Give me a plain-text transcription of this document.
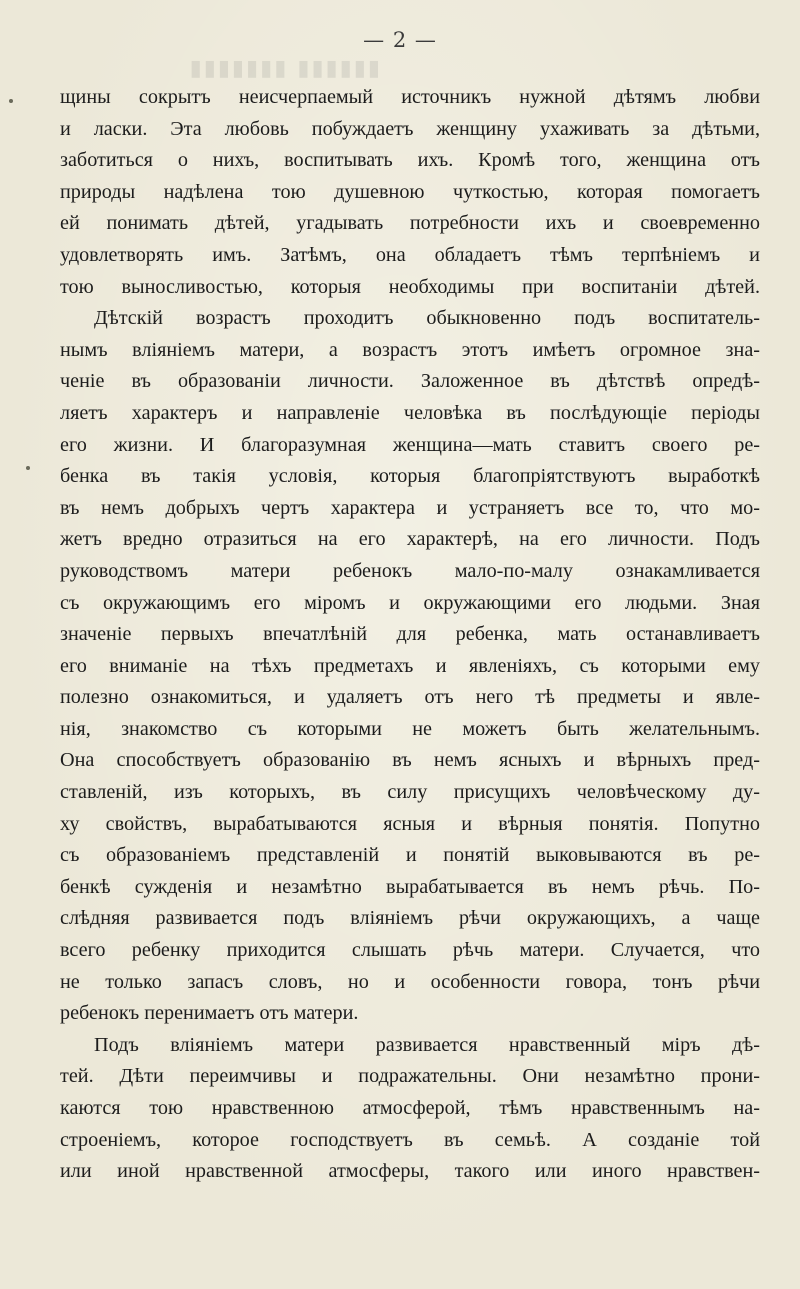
— 2 —
▮▮▮▮▮▮ ▮▮▮▮▮▮▮
щины сокрытъ неисчерпаемый источникъ нужной дѣтямъ любви
и ласки. Эта любовь побуждаетъ женщину ухаживать за дѣтьми,
заботиться о нихъ, воспитывать ихъ. Кромѣ того, женщина отъ
природы надѣлена тою душевною чуткостью, которая помогаетъ
ей понимать дѣтей, угадывать потребности ихъ и своевременно
удовлетворять имъ. Затѣмъ, она обладаетъ тѣмъ терпѣніемъ и
тою выносливостью, которыя необходимы при воспитаніи дѣтей.
Дѣтскій возрастъ проходитъ обыкновенно подъ воспитатель-
нымъ вліяніемъ матери, а возрастъ этотъ имѣетъ огромное зна-
ченіе въ образованіи личности. Заложенное въ дѣтствѣ опредѣ-
ляетъ характеръ и направленіе человѣка въ послѣдующіе періоды
его жизни. И благоразумная женщина—мать ставитъ своего ре-
бенка въ такія условія, которыя благопріятствуютъ выработкѣ
въ немъ добрыхъ чертъ характера и устраняетъ все то, что мо-
жетъ вредно отразиться на его характерѣ, на его личности. Подъ
руководствомъ матери ребенокъ мало-по-малу ознакамливается
съ окружающимъ его міромъ и окружающими его людьми. Зная
значеніе первыхъ впечатлѣній для ребенка, мать останавливаетъ
его вниманіе на тѣхъ предметахъ и явленіяхъ, съ которыми ему
полезно ознакомиться, и удаляетъ отъ него тѣ предметы и явле-
нія, знакомство съ которыми не можетъ быть желательнымъ.
Она способствуетъ образованію въ немъ ясныхъ и вѣрныхъ пред-
ставленій, изъ которыхъ, въ силу присущихъ человѣческому ду-
ху свойствъ, вырабатываются ясныя и вѣрныя понятія. Попутно
съ образованіемъ представленій и понятій выковываются въ ре-
бенкѣ сужденія и незамѣтно вырабатывается въ немъ рѣчь. По-
слѣдняя развивается подъ вліяніемъ рѣчи окружающихъ, а чаще
всего ребенку приходится слышать рѣчь матери. Случается, что
не только запасъ словъ, но и особенности говора, тонъ рѣчи
ребенокъ перенимаетъ отъ матери.
Подъ вліяніемъ матери развивается нравственный міръ дѣ-
тей. Дѣти переимчивы и подражательны. Они незамѣтно прони-
каются тою нравственною атмосферой, тѣмъ нравственнымъ на-
строеніемъ, которое господствуетъ въ семьѣ. А созданіе той
или иной нравственной атмосферы, такого или иного нравствен-
